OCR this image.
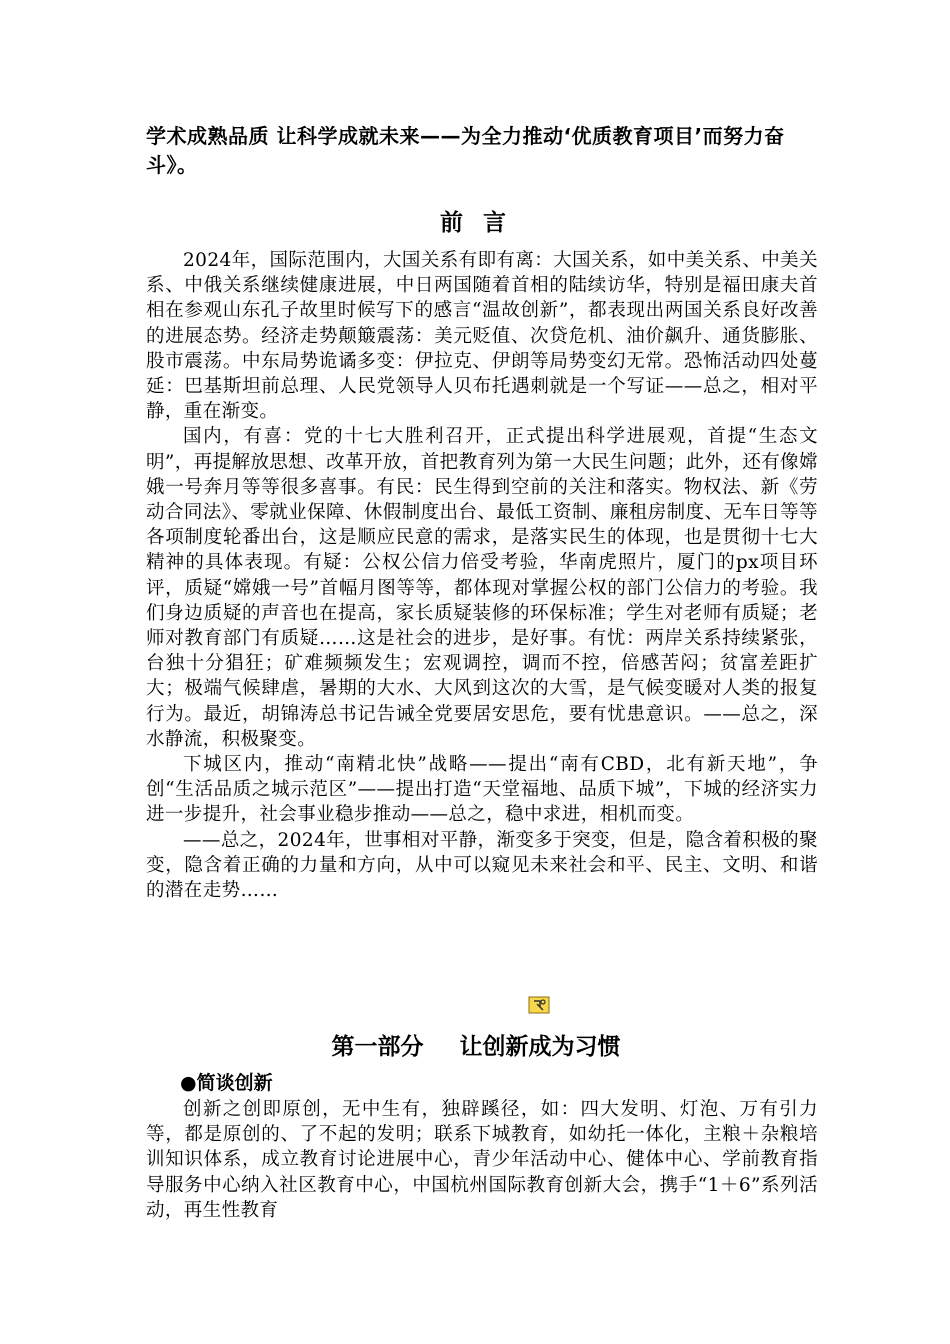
学术成熟品质 让科学成就未来——为全力推动‘优质教育项目’而努力奋斗》。
前 言

2024年，国际范围内，大国关系有即有离：大国关系，如中美关系、中美关系、中俄关系继续健康进展，中日两国随着首相的陆续访华，特别是福田康夫首相在参观山东孔子故里时候写下的感言“温故创新”，都表现出两国关系良好改善的进展态势。经济走势颠簸震荡：美元贬值、次贷危机、油价飙升、通货膨胀、股市震荡。中东局势诡谲多变：伊拉克、伊朗等局势变幻无常。恐怖活动四处蔓延：巴基斯坦前总理、人民党领导人贝布托遇刺就是一个写证——总之，相对平静，重在渐变。

国内，有喜：党的十七大胜利召开，正式提出科学进展观，首提“生态文明”，再提解放思想、改革开放，首把教育列为第一大民生问题；此外，还有像嫦娥一号奔月等等很多喜事。有民：民生得到空前的关注和落实。物权法、新《劳动合同法》、零就业保障、休假制度出台、最低工资制、廉租房制度、无车日等等各项制度轮番出台，这是顺应民意的需求，是落实民生的体现，也是贯彻十七大精神的具体表现。有疑：公权公信力倍受考验，华南虎照片，厦门的px项目环评，质疑“嫦娥一号”首幅月图等等，都体现对掌握公权的部门公信力的考验。我们身边质疑的声音也在提高，家长质疑装修的环保标准；学生对老师有质疑；老师对教育部门有质疑……这是社会的进步，是好事。有忧：两岸关系持续紧张，台独十分猖狂；矿难频频发生；宏观调控，调而不控，倍感苦闷；贫富差距扩大；极端气候肆虐，暑期的大水、大风到这次的大雪，是气候变暖对人类的报复行为。最近，胡锦涛总书记告诫全党要居安思危，要有忧患意识。——总之，深水静流，积极聚变。

下城区内，推动“南精北快”战略——提出“南有CBD，北有新天地”，争创“生活品质之城示范区”——提出打造“天堂福地、品质下城”，下城的经济实力进一步提升，社会事业稳步推动——总之，稳中求进，相机而变。

——总之，2024年，世事相对平静，渐变多于突变，但是，隐含着积极的聚变，隐含着正确的力量和方向，从中可以窥见未来社会和平、民主、文明、和谐的潜在走势……

第一部分 让创新成为习惯
●简谈创新

创新之创即原创，无中生有，独辟蹊径，如：四大发明、灯泡、万有引力等，都是原创的、了不起的发明；联系下城教育，如幼托一体化，主粮＋杂粮培训知识体系，成立教育讨论进展中心，青少年活动中心、健体中心、学前教育指导服务中心纳入社区教育中心，中国杭州国际教育创新大会，携手“1＋6”系列活动，再生性教育
